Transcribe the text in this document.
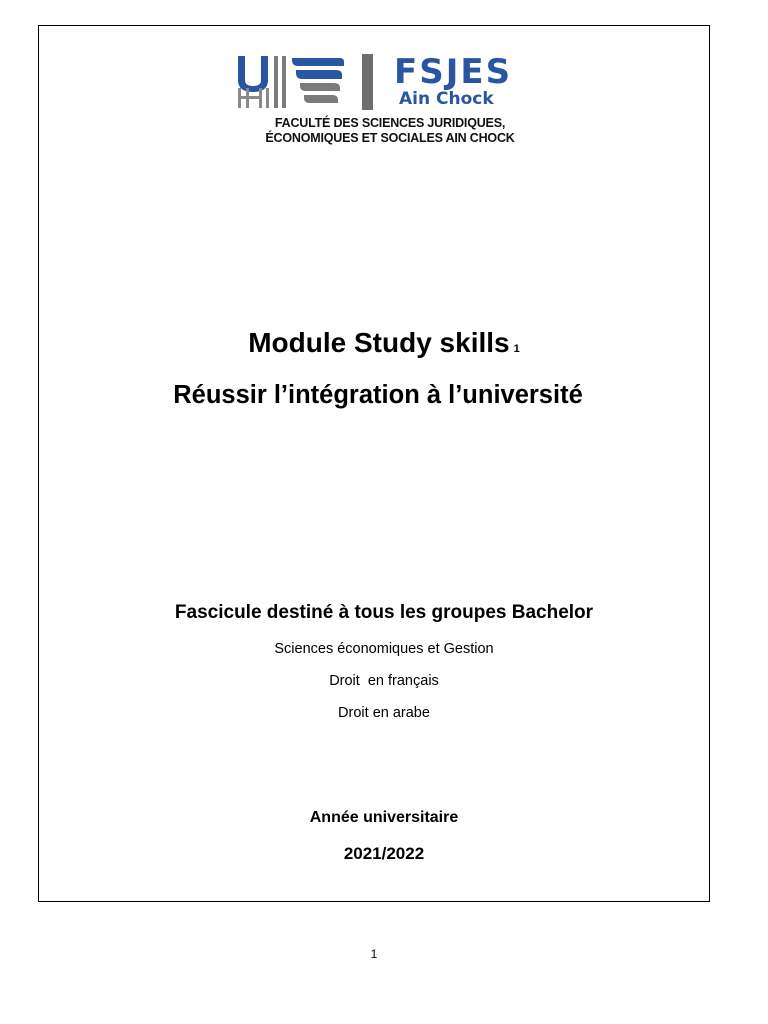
FSJES
Ain Chock
FACULTÉ DES SCIENCES JURIDIQUES,
ÉCONOMIQUES ET SOCIALES AIN CHOCK
Module Study skills 1
Réussir l’intégration à l’université
Fascicule destiné à tous les groupes Bachelor
Sciences économiques et Gestion
Droit  en français
Droit en arabe
Année universitaire
2021/2022
1
